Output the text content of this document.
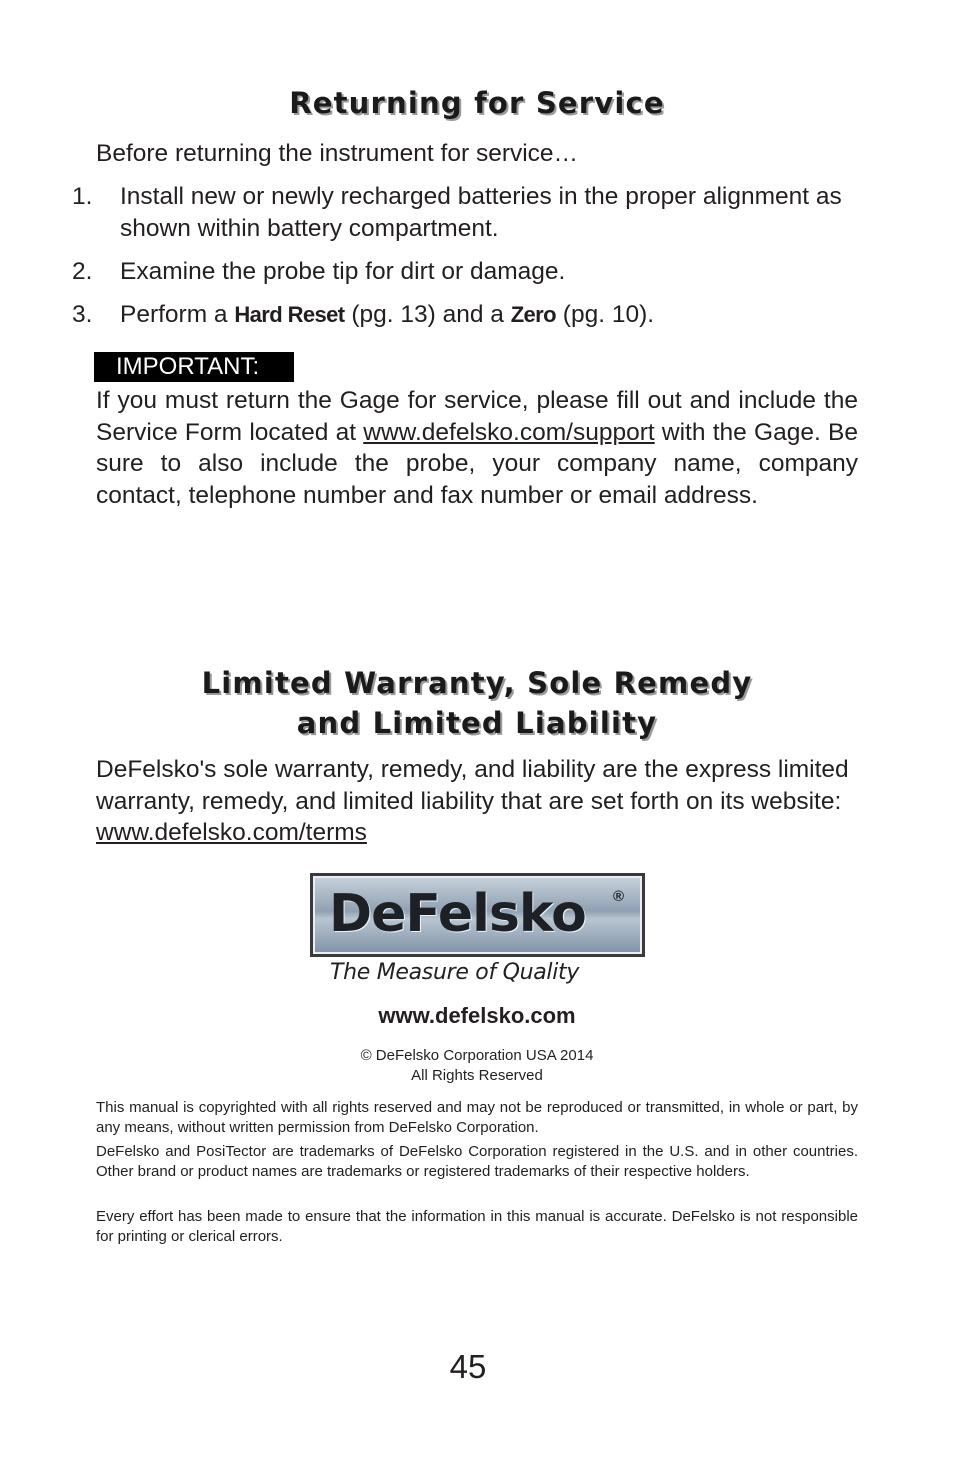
Returning for Service
Before returning the instrument for service…
1. Install new or newly recharged batteries in the proper alignment as shown within battery compartment.
2. Examine the probe tip for dirt or damage.
3. Perform a Hard Reset (pg. 13) and a Zero (pg. 10).
IMPORTANT:
If you must return the Gage for service, please fill out and include the Service Form located at www.defelsko.com/support with the Gage. Be sure to also include the probe, your company name, company contact, telephone number and fax number or email address.
Limited Warranty, Sole Remedy
and Limited Liability
DeFelsko's sole warranty, remedy, and liability are the express limited warranty, remedy, and limited liability that are set forth on its website: www.defelsko.com/terms
DeFelsko ®
The Measure of Quality
www.defelsko.com
© DeFelsko Corporation USA 2014
All Rights Reserved
This manual is copyrighted with all rights reserved and may not be reproduced or transmitted, in whole or part, by any means, without written permission from DeFelsko Corporation.
DeFelsko and PosiTector are trademarks of DeFelsko Corporation registered in the U.S. and in other countries. Other brand or product names are trademarks or registered trademarks of their respective holders.
Every effort has been made to ensure that the information in this manual is accurate. DeFelsko is not responsible for printing or clerical errors.
45
